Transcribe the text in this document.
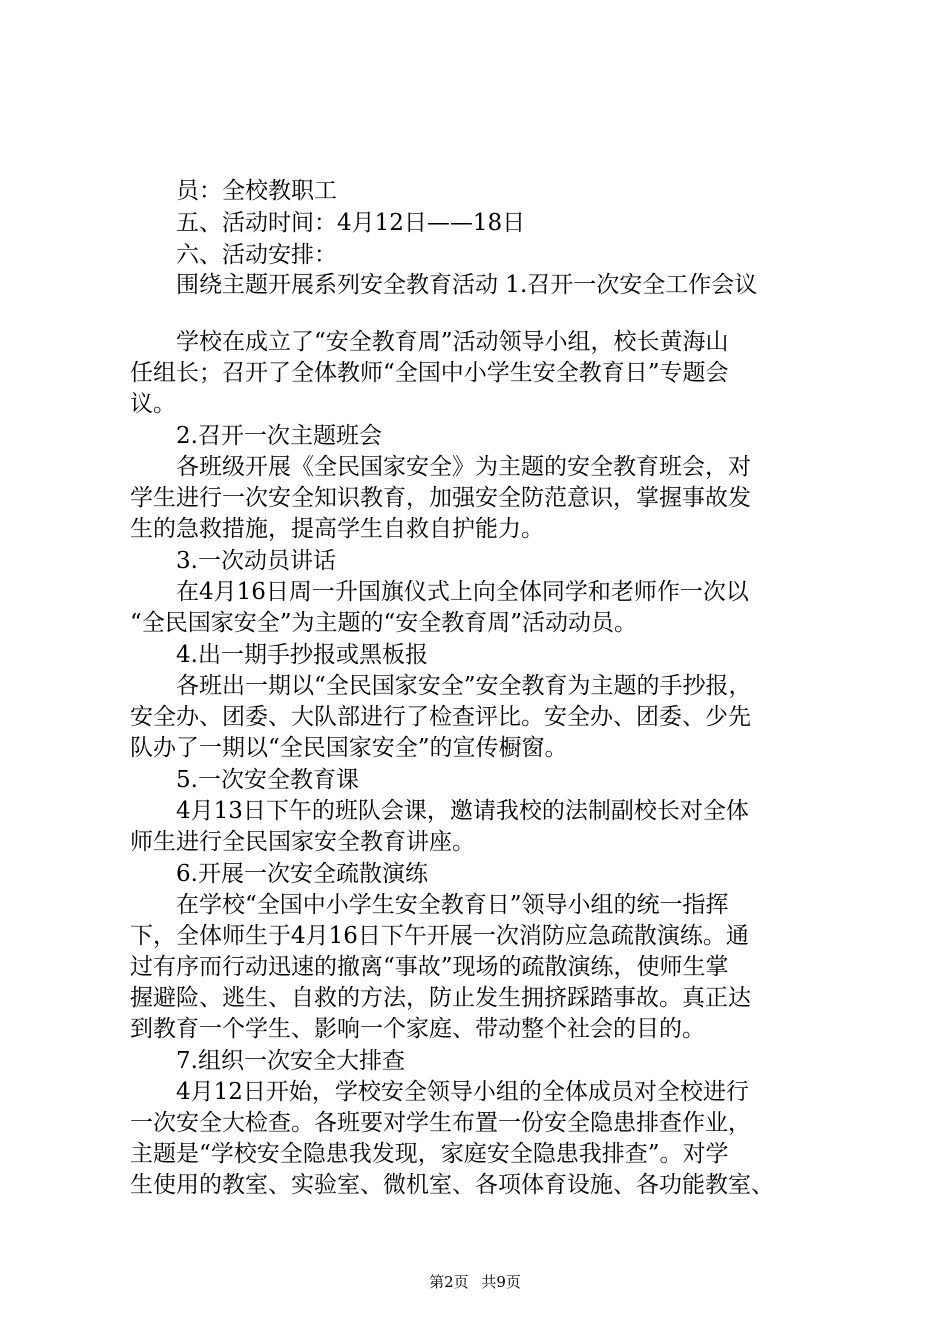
员：全校教职工
五、活动时间：4月12日——18日
六、活动安排：
围绕主题开展系列安全教育活动 1.召开一次安全工作会议
学校在成立了“安全教育周”活动领导小组，校长黄海山
任组长；召开了全体教师“全国中小学生安全教育日”专题会
议。
2.召开一次主题班会
各班级开展《全民国家安全》为主题的安全教育班会，对
学生进行一次安全知识教育，加强安全防范意识，掌握事故发
生的急救措施，提高学生自救自护能力。
3.一次动员讲话
在4月16日周一升国旗仪式上向全体同学和老师作一次以
“全民国家安全”为主题的“安全教育周”活动动员。
4.出一期手抄报或黑板报
各班出一期以“全民国家安全”安全教育为主题的手抄报，
安全办、团委、大队部进行了检查评比。安全办、团委、少先
队办了一期以“全民国家安全”的宣传橱窗。
5.一次安全教育课
4月13日下午的班队会课，邀请我校的法制副校长对全体
师生进行全民国家安全教育讲座。
6.开展一次安全疏散演练
在学校“全国中小学生安全教育日”领导小组的统一指挥
下，全体师生于4月16日下午开展一次消防应急疏散演练。通
过有序而行动迅速的撤离“事故”现场的疏散演练，使师生掌
握避险、逃生、自救的方法，防止发生拥挤踩踏事故。真正达
到教育一个学生、影响一个家庭、带动整个社会的目的。
7.组织一次安全大排查
4月12日开始，学校安全领导小组的全体成员对全校进行
一次安全大检查。各班要对学生布置一份安全隐患排查作业，
主题是“学校安全隐患我发现，家庭安全隐患我排查”。对学
生使用的教室、实验室、微机室、各项体育设施、各功能教室、
第2页 共9页
